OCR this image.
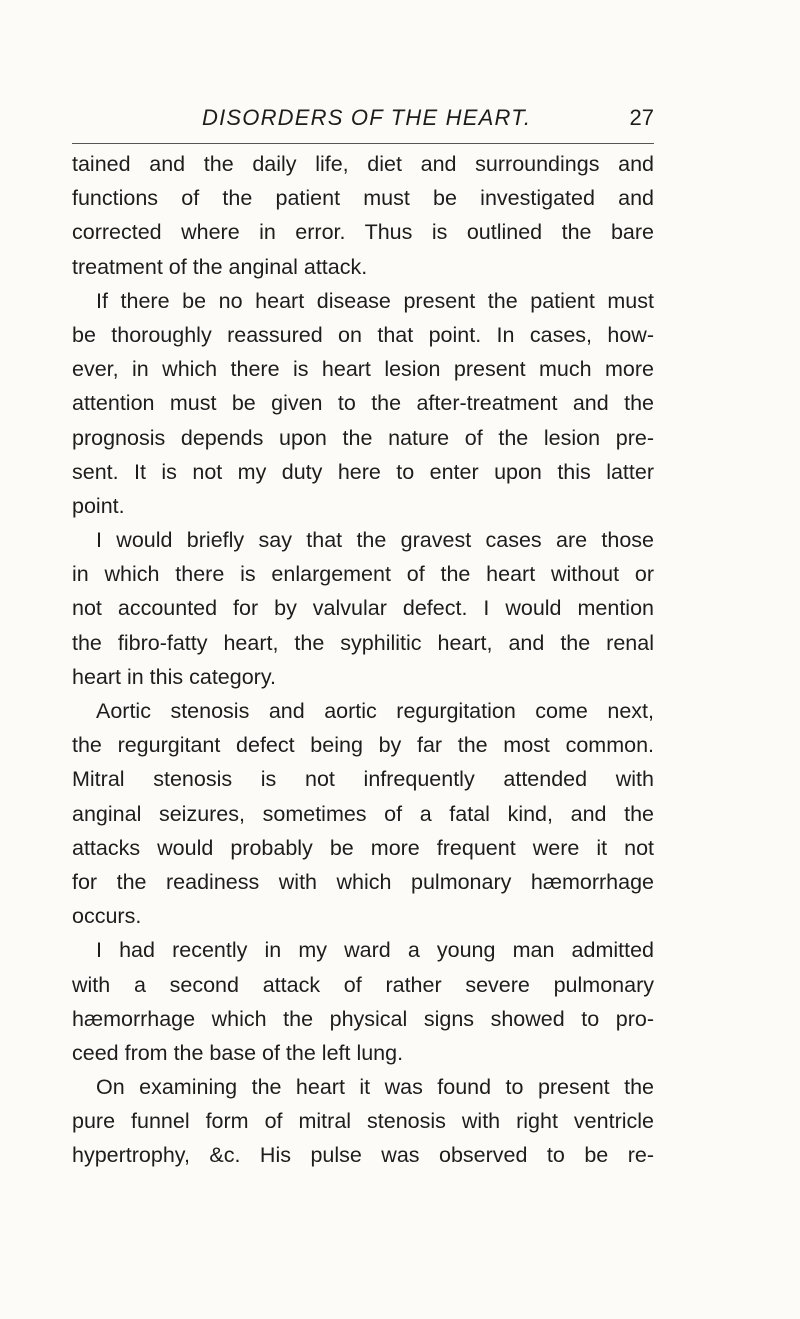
DISORDERS OF THE HEART.	27
tained and the daily life, diet and surroundings and
functions of the patient must be investigated and
corrected where in error. Thus is outlined the bare
treatment of the anginal attack.
If there be no heart disease present the patient must
be thoroughly reassured on that point. In cases, how-
ever, in which there is heart lesion present much more
attention must be given to the after-treatment and the
prognosis depends upon the nature of the lesion pre-
sent. It is not my duty here to enter upon this latter
point.
I would briefly say that the gravest cases are those
in which there is enlargement of the heart without or
not accounted for by valvular defect. I would mention
the fibro-fatty heart, the syphilitic heart, and the renal
heart in this category.
Aortic stenosis and aortic regurgitation come next,
the regurgitant defect being by far the most common.
Mitral stenosis is not infrequently attended with
anginal seizures, sometimes of a fatal kind, and the
attacks would probably be more frequent were it not
for the readiness with which pulmonary hæmorrhage
occurs.
I had recently in my ward a young man admitted
with a second attack of rather severe pulmonary
hæmorrhage which the physical signs showed to pro-
ceed from the base of the left lung.
On examining the heart it was found to present the
pure funnel form of mitral stenosis with right ventricle
hypertrophy, &c. His pulse was observed to be re-
